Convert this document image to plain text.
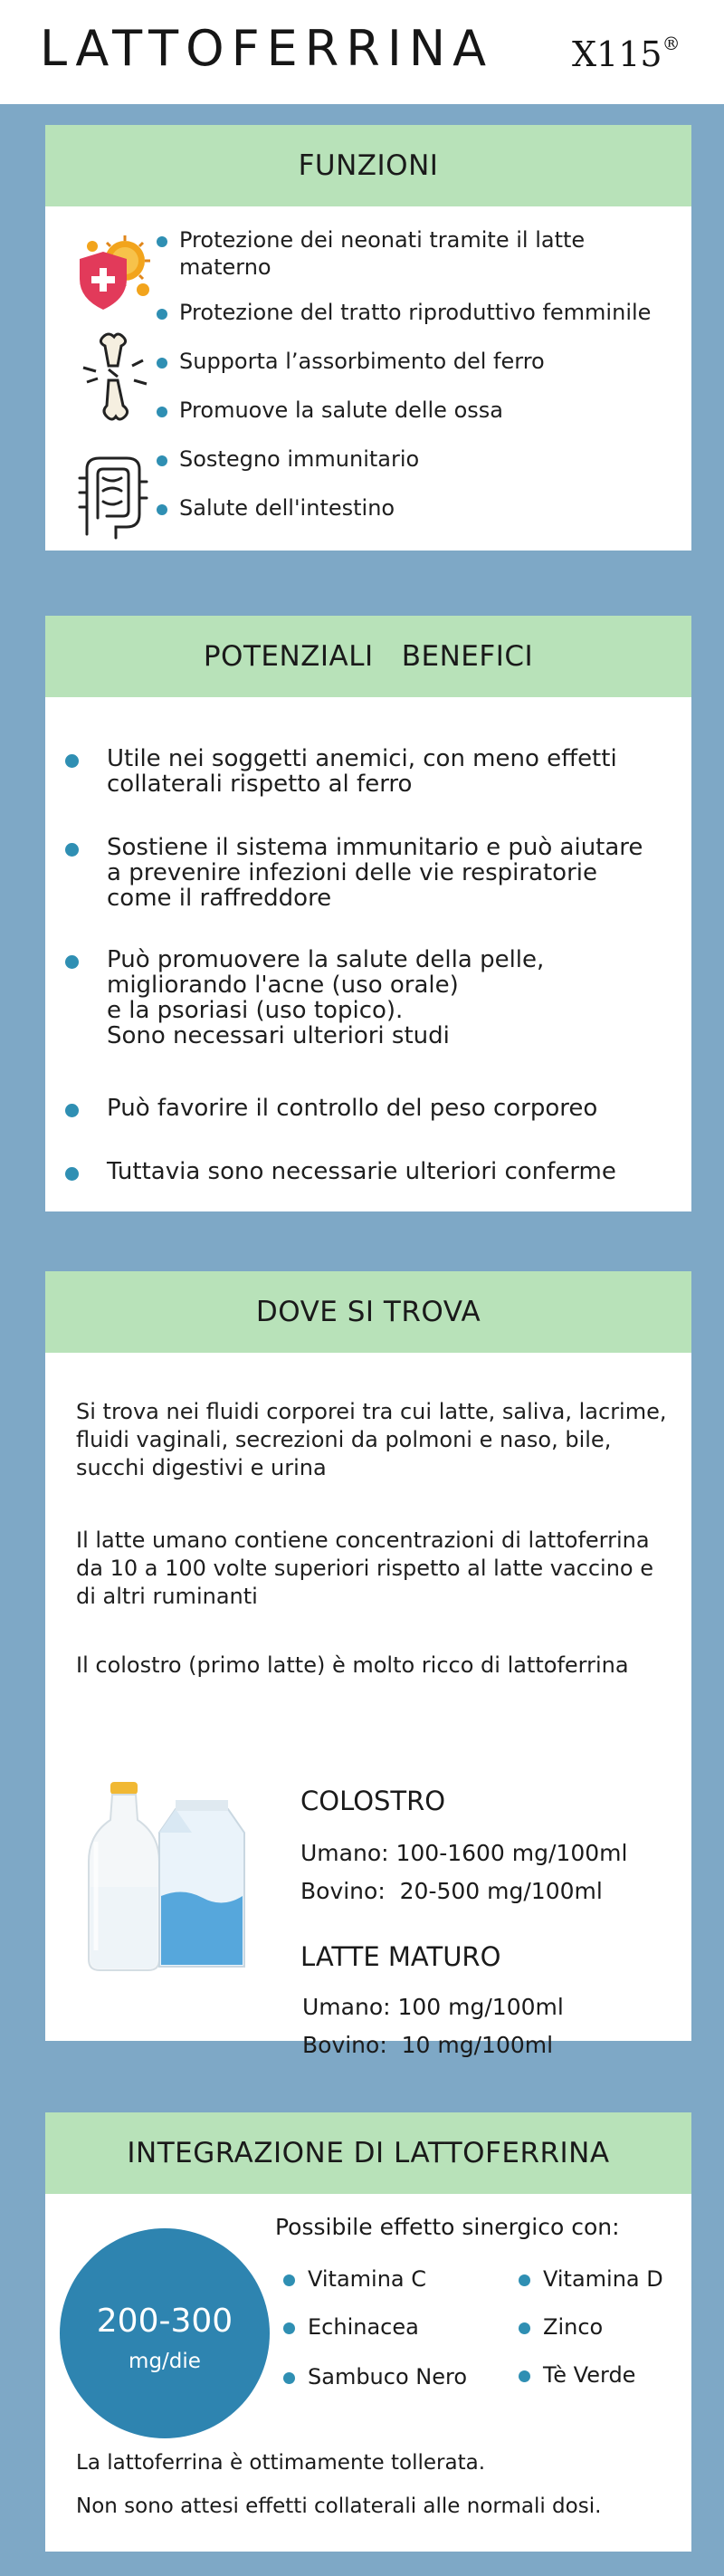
LATTOFERRINA X115®
FUNZIONI
Protezione dei neonati tramite il latte
materno
Protezione del tratto riproduttivo femminile
Supporta l’assorbimento del ferro
Promuove la salute delle ossa
Sostegno immunitario
Salute dell'intestino
POTENZIALI   BENEFICI
Utile nei soggetti anemici, con meno effetti
collaterali rispetto al ferro
Sostiene il sistema immunitario e può aiutare
a prevenire infezioni delle vie respiratorie
come il raffreddore
Può promuovere la salute della pelle,
migliorando l'acne (uso orale)
e la psoriasi (uso topico).
Sono necessari ulteriori studi
Può favorire il controllo del peso corporeo
Tuttavia sono necessarie ulteriori conferme
DOVE SI TROVA
Si trova nei fluidi corporei tra cui latte, saliva, lacrime, fluidi vaginali, secrezioni da polmoni e naso, bile, succhi digestivi e urina
Il latte umano contiene concentrazioni di lattoferrina da 10 a 100 volte superiori rispetto al latte vaccino e di altri ruminanti
Il colostro (primo latte) è molto ricco di lattoferrina
COLOSTRO
Umano: 100-1600 mg/100ml
Bovino:  20-500 mg/100ml
LATTE MATURO
Umano: 100 mg/100ml
Bovino:  10 mg/100ml
INTEGRAZIONE DI LATTOFERRINA
200-300
mg/die
Possibile effetto sinergico con:
Vitamina C
Echinacea
Sambuco Nero
Vitamina D
Zinco
Tè Verde
La lattoferrina è ottimamente tollerata.
Non sono attesi effetti collaterali alle normali dosi.
